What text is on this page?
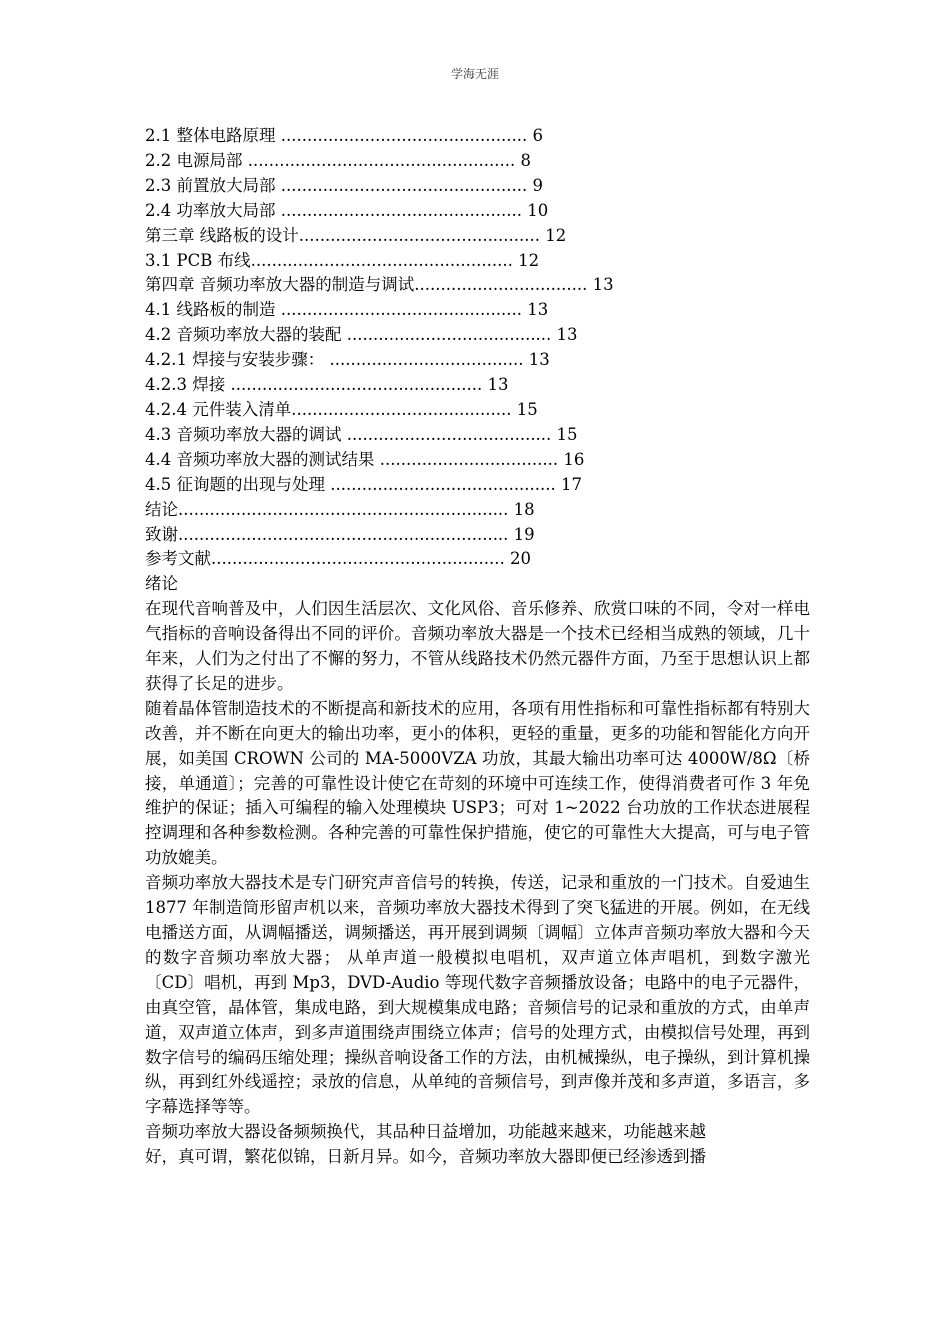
学海无涯
2.1 整体电路原理 ............................................... 6
2.2 电源局部 ................................................... 8
2.3 前置放大局部 ............................................... 9
2.4 功率放大局部 .............................................. 10
第三章 线路板的设计.............................................. 12
3.1 PCB 布线.................................................. 12
第四章 音频功率放大器的制造与调试................................. 13
4.1 线路板的制造 .............................................. 13
4.2 音频功率放大器的装配 ....................................... 13
4.2.1 焊接与安装步骤： ..................................... 13
4.2.3 焊接 ................................................ 13
4.2.4 元件装入清单.......................................... 15
4.3 音频功率放大器的调试 ....................................... 15
4.4 音频功率放大器的测试结果 .................................. 16
4.5 征询题的出现与处理 ........................................... 17
结论............................................................... 18
致谢............................................................... 19
参考文献........................................................ 20
绪论
在现代音响普及中，人们因生活层次、文化风俗、音乐修养、欣赏口味的不同，令对一样电气指标的音响设备得出不同的评价。音频功率放大器是一个技术已经相当成熟的领域，几十年来，人们为之付出了不懈的努力，不管从线路技术仍然元器件方面，乃至于思想认识上都获得了长足的进步。
随着晶体管制造技术的不断提高和新技术的应用，各项有用性指标和可靠性指标都有特别大改善，并不断在向更大的输出功率，更小的体积，更轻的重量，更多的功能和智能化方向开展，如美国 CROWN 公司的 MA-5000VZA 功放，其最大输出功率可达 4000W/8Ω〔桥接，单通道〕；完善的可靠性设计使它在苛刻的环境中可连续工作，使得消费者可作 3 年免维护的保证；插入可编程的输入处理模块 USP3；可对 1~2022 台功放的工作状态进展程控调理和各种参数检测。各种完善的可靠性保护措施，使它的可靠性大大提高，可与电子管功放媲美。
音频功率放大器技术是专门研究声音信号的转换，传送，记录和重放的一门技术。自爱迪生 1877 年制造筒形留声机以来，音频功率放大器技术得到了突飞猛进的开展。例如，在无线电播送方面，从调幅播送，调频播送，再开展到调频〔调幅〕立体声音频功率放大器和今天的数字音频功率放大器； 从单声道一般模拟电唱机，双声道立体声唱机，到数字激光〔CD〕唱机，再到 Mp3，DVD-Audio 等现代数字音频播放设备；电路中的电子元器件，由真空管，晶体管，集成电路，到大规模集成电路；音频信号的记录和重放的方式，由单声道，双声道立体声，到多声道围绕声围绕立体声；信号的处理方式，由模拟信号处理，再到数字信号的编码压缩处理；操纵音响设备工作的方法，由机械操纵，电子操纵，到计算机操纵，再到红外线遥控；录放的信息，从单纯的音频信号，到声像并茂和多声道，多语言，多字幕选择等等。
音频功率放大器设备频频换代，其品种日益增加，功能越来越来，功能越来越
好，真可谓，繁花似锦，日新月异。如今，音频功率放大器即便已经渗透到播
